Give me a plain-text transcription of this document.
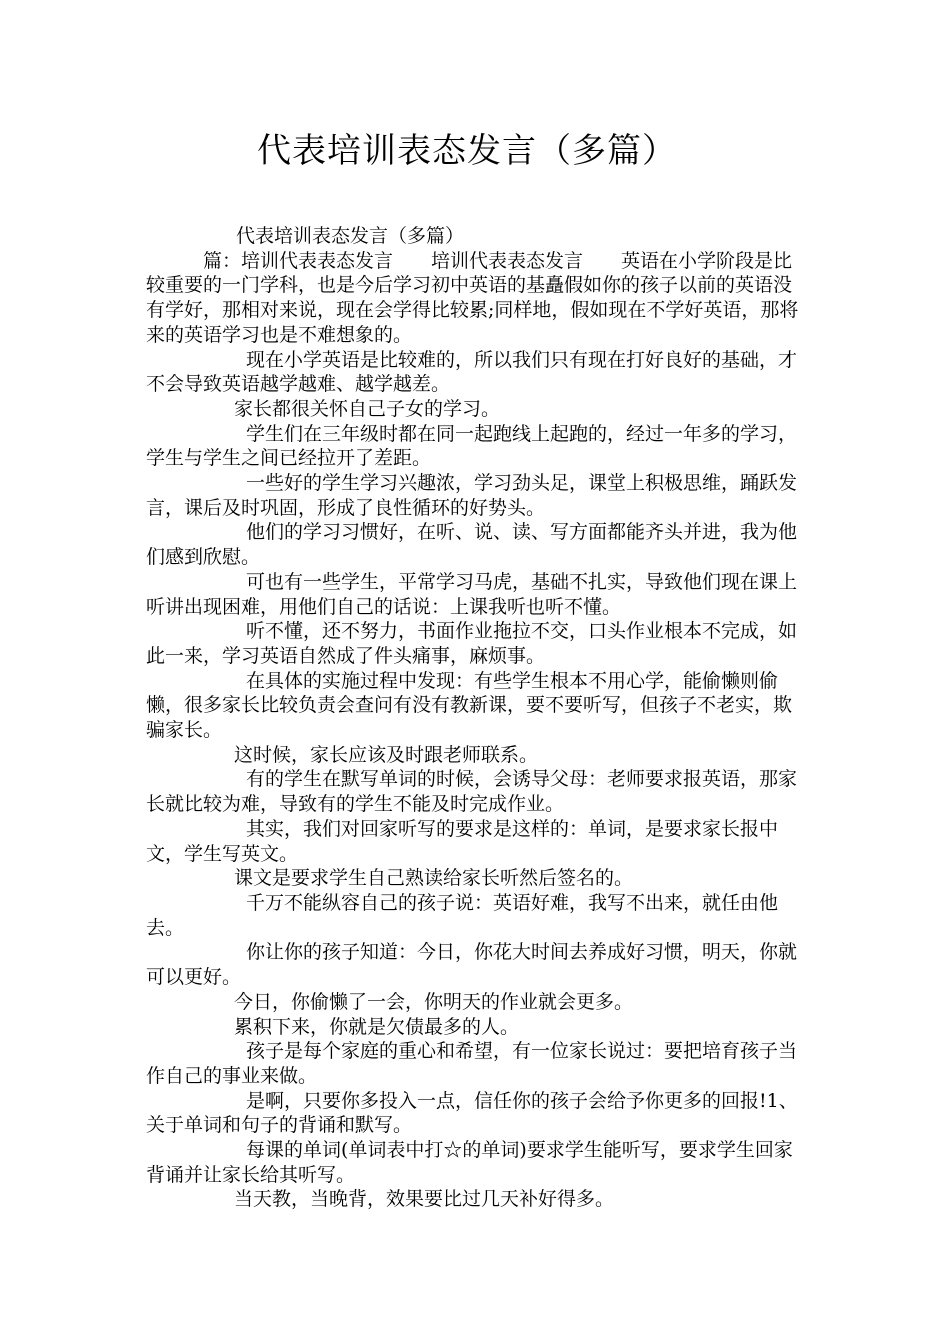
代表培训表态发言（多篇）

代表培训表态发言（多篇）

篇：培训代表表态发言　　培训代表表态发言　　英语在小学阶段是比较重要的一门学科，也是今后学习初中英语的基矗假如你的孩子以前的英语没有学好，那相对来说，现在会学得比较累;同样地，假如现在不学好英语，那将来的英语学习也是不难想象的。

现在小学英语是比较难的，所以我们只有现在打好良好的基础，才不会导致英语越学越难、越学越差。

家长都很关怀自己子女的学习。

学生们在三年级时都在同一起跑线上起跑的，经过一年多的学习，学生与学生之间已经拉开了差距。

一些好的学生学习兴趣浓，学习劲头足，课堂上积极思维，踊跃发言，课后及时巩固，形成了良性循环的好势头。

他们的学习习惯好，在听、说、读、写方面都能齐头并进，我为他们感到欣慰。

可也有一些学生，平常学习马虎，基础不扎实，导致他们现在课上听讲出现困难，用他们自己的话说：上课我听也听不懂。

听不懂，还不努力，书面作业拖拉不交，口头作业根本不完成，如此一来，学习英语自然成了件头痛事，麻烦事。

在具体的实施过程中发现：有些学生根本不用心学，能偷懒则偷懒，很多家长比较负责会查问有没有教新课，要不要听写，但孩子不老实，欺骗家长。

这时候，家长应该及时跟老师联系。

有的学生在默写单词的时候，会诱导父母：老师要求报英语，那家长就比较为难，导致有的学生不能及时完成作业。

其实，我们对回家听写的要求是这样的：单词，是要求家长报中文，学生写英文。

课文是要求学生自己熟读给家长听然后签名的。

千万不能纵容自己的孩子说：英语好难，我写不出来，就任由他去。

你让你的孩子知道：今日，你花大时间去养成好习惯，明天，你就可以更好。

今日，你偷懒了一会，你明天的作业就会更多。

累积下来，你就是欠债最多的人。

孩子是每个家庭的重心和希望，有一位家长说过：要把培育孩子当作自己的事业来做。

是啊，只要你多投入一点，信任你的孩子会给予你更多的回报!1、关于单词和句子的背诵和默写。

每课的单词(单词表中打☆的单词)要求学生能听写，要求学生回家背诵并让家长给其听写。

当天教，当晚背，效果要比过几天补好得多。
